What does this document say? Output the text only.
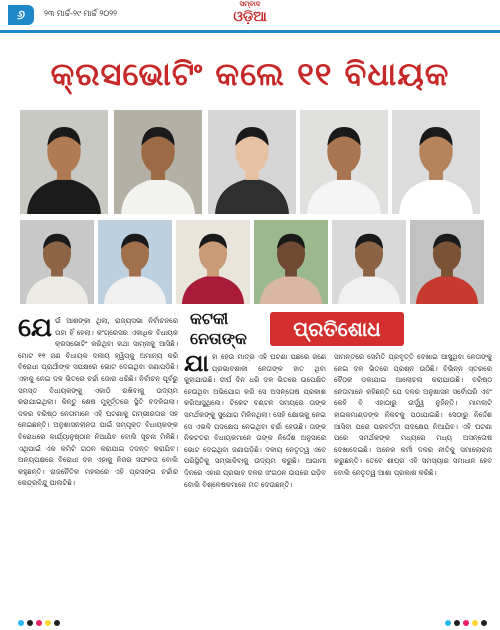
୬	୨୩ ମାର୍ଚ୍ଚ-୨୯ ମାର୍ଚ୍ଚ ୨୦୨୨
ସମ୍ବାଦ
ଓଡ଼ିଆ
କ୍ରସଭୋଟିଂ କଲେ ୧୧ ବିଧାୟକ
ଯେ ଉଁ ଆଶଙ୍କା ଥିଲା, ରାଜ୍ୟସଭା ନିର୍ବାଚନରେ ତାହା ହିଁ ହେଲା। କଂଗ୍ରେସର ଏକାଧିକ ବିଧାୟକ କ୍ରସଭୋଟିଂ କରିଥିବା କଥା ସାମ୍ନାକୁ ଆସିଛି। ମୋଟ ୧୧ ଜଣ ବିଧାୟକ ଦଳୀୟ ହ୍ୱିପ୍‌କୁ ଅମାନ୍ୟ କରି ବିରୋଧୀ ପ୍ରାର୍ଥୀଙ୍କ ସପକ୍ଷରେ ଭୋଟ ଦେଇଥିବା ଜଣାପଡ଼ିଛି। ଏହାକୁ ନେଇ ଦଳ ଭିତରେ ଚର୍ଚ୍ଚା ଜୋର ଧରିଛି। ନିର୍ବାଚନ ପୂର୍ବରୁ ସମସ୍ତ ବିଧାୟକଙ୍କୁ ଏକାଠି ରଖିବାକୁ ଉଦ୍ୟମ କରାଯାଇଥିଲା। କିନ୍ତୁ ଶେଷ ମୁହୂର୍ତ୍ତରେ ସ୍ଥିତି ବଦଳିଗଲା। ଦଳର ବରିଷ୍ଠ ନେତାମାନେ ଏହି ଘଟଣାକୁ ଗମ୍ଭୀରତାର ସହ ନେଇଛନ୍ତି। ଅନୁଶାସନହୀନତା ପାଇଁ ସମ୍ପୃକ୍ତ ବିଧାୟକଙ୍କ ବିରୋଧରେ କାର୍ଯ୍ୟାନୁଷ୍ଠାନ ନିଆଯିବ ବୋଲି ସୂଚନା ମିଳିଛି। ଏଥିପାଇଁ ଏକ କମିଟି ଗଠନ କରାଯାଇ ତଦନ୍ତ କରାଯିବ। ଅନ୍ୟପକ୍ଷରେ ବିରୋଧୀ ଦଳ ଏହାକୁ ନିଜର ସଫଳତା ବୋଲି କହୁଛନ୍ତି। ରାଜନୈତିକ ମହଲରେ ଏହି ପ୍ରସଙ୍ଗ ଚର୍ଚ୍ଚାର କେନ୍ଦ୍ରବିନ୍ଦୁ ପାଲଟିଛି।
କଟକୀ
ନେତାଙ୍କ	ପ୍ରତିଶୋଧ
ଯା ହା ହେଉ ମାତ୍ର ଏହି ଘଟଣା ପଛରେ ଜଣେ ପ୍ରଭାବଶାଳୀ ନେତାଙ୍କ ହାତ ଥିବା କୁହାଯାଉଛି। ଦୀର୍ଘ ଦିନ ଧରି ଦଳ ଭିତରେ ଉପେକ୍ଷିତ ହେଉଥିବା ଅଭିଯୋଗ କରି ସେ ଅସନ୍ତୋଷ ପ୍ରକାଶ କରିଆସୁଥିଲେ। ଟିକେଟ ବଣ୍ଟନ ସମୟରେ ତାଙ୍କ ସମର୍ଥକଙ୍କୁ ସୁଯୋଗ ମିଳିନଥିଲା। ସେହି କ୍ଷୋଭକୁ ନେଇ ସେ ଏଭଳି ପଦକ୍ଷେପ ନେଇଥିବା ଚର୍ଚ୍ଚା ହେଉଛି। ତାଙ୍କ ନିକଟତର ବିଧାୟକମାନେ ତାଙ୍କ ନିର୍ଦ୍ଦେଶ ଅନୁସାରେ ଭୋଟ ଦେଇଥିବା ଜଣାପଡ଼ିଛି। ଦଳୀୟ ନେତୃତ୍ୱ ଏବେ ପରିସ୍ଥିତିକୁ ସମ୍ଭାଳିବାକୁ ଉଦ୍ୟମ କରୁଛି। ଆଗାମୀ ଦିନରେ ଏହାର ପ୍ରଭାବ ଦଳର ସଂଗଠନ ଉପରେ ପଡ଼ିବ ବୋଲି ବିଶ୍ଳେଷକମାନେ ମତ ଦେଉଛନ୍ତି।
ସାମନ୍ତରେ ସେମିତି ପ୍ରବୃତ୍ତି ଦେଖାଇ ଆସୁଥିବା ନେତାଙ୍କୁ ନେଇ ଦଳ ଭିତରେ ପ୍ରଶ୍ନ ଉଠିଛି। ବିଭିନ୍ନ ସ୍ତରରେ ବୈଠକ ଡକାଯାଇ ଆଲୋଚନା କରାଯାଉଛି। ବରିଷ୍ଠ ନେତାମାନେ କହିଛନ୍ତି ଯେ ଦଳର ଅନୁଶାସନ ସର୍ବୋପରି ଏବଂ କେହି ବି ଏହାଠାରୁ ଉର୍ଦ୍ଧ୍ୱ ନୁହଁନ୍ତି। ମାମଲାଟି ହାଇକମାଣ୍ଡଙ୍କ ନିକଟକୁ ପଠାଯାଇଛି। ସେଠାରୁ ନିର୍ଦ୍ଦେଶ ଆସିବା ପରେ ପରବର୍ତ୍ତୀ ପଦକ୍ଷେପ ନିଆଯିବ। ଏହି ଘଟଣା ପରେ ସମର୍ଥକଙ୍କ ମଧ୍ୟରେ ମଧ୍ୟ ଅସନ୍ତୋଷ ଦେଖାଦେଇଛି। ଅନେକ କର୍ମୀ ଦଳର ନୀତିକୁ ସମାଲୋଚନା କରୁଛନ୍ତି। ତେବେ ଶୀଘ୍ର ଏହି ସମସ୍ୟାର ସମାଧାନ ହେବ ବୋଲି ନେତୃତ୍ୱ ଆଶା ପ୍ରକାଶ କରିଛି।
